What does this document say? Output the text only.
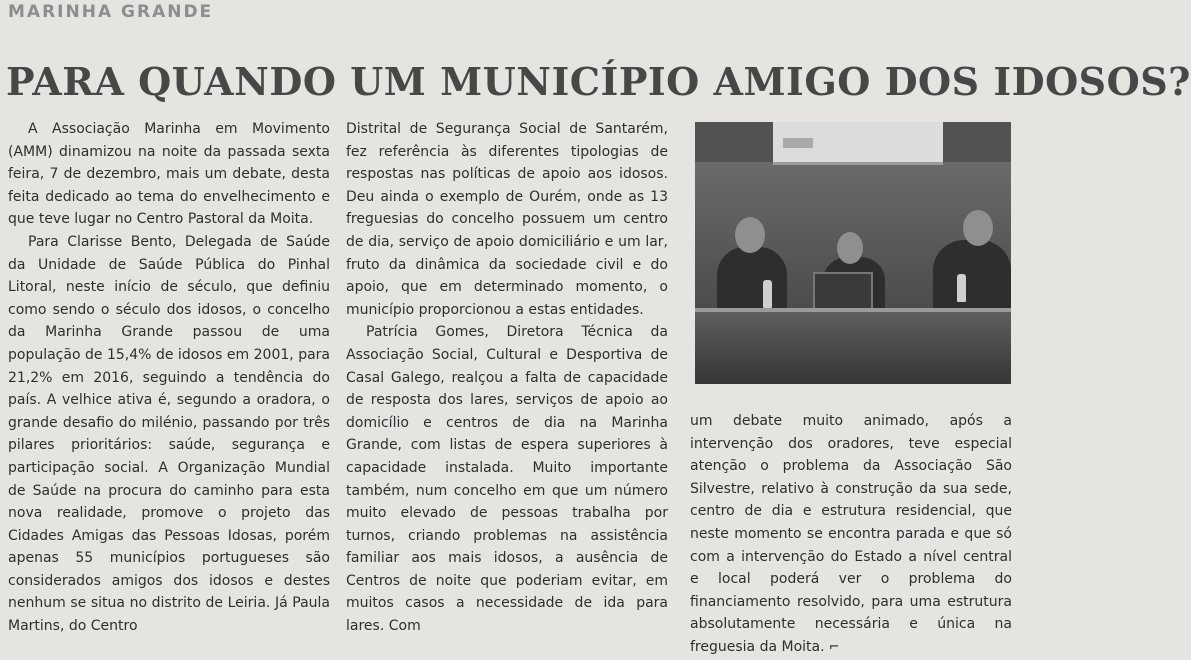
MARINHA GRANDE
PARA QUANDO UM MUNICÍPIO AMIGO DOS IDOSOS?

A Associação Marinha em Movimento (AMM) dinamizou na noite da passada sexta feira, 7 de dezembro, mais um debate, desta feita dedicado ao tema do envelhecimento e que teve lugar no Centro Pastoral da Moita.

Para Clarisse Bento, Delegada de Saúde da Unidade de Saúde Pública do Pinhal Litoral, neste início de século, que definiu como sendo o século dos idosos, o concelho da Marinha Grande passou de uma população de 15,4% de idosos em 2001, para 21,2% em 2016, seguindo a tendência do país. A velhice ativa é, segundo a oradora, o grande desafio do milénio, passando por três pilares prioritários: saúde, segurança e participação social. A Organização Mundial de Saúde na procura do caminho para esta nova realidade, promove o projeto das Cidades Amigas das Pessoas Idosas, porém apenas 55 municípios portugueses são considerados amigos dos idosos e destes nenhum se situa no distrito de Leiria. Já Paula Martins, do Centro

Distrital de Segurança Social de Santarém, fez referência às diferentes tipologias de respostas nas políticas de apoio aos idosos. Deu ainda o exemplo de Ourém, onde as 13 freguesias do concelho possuem um centro de dia, serviço de apoio domiciliário e um lar, fruto da dinâmica da sociedade civil e do apoio, que em determinado momento, o município proporcionou a estas entidades.

Patrícia Gomes, Diretora Técnica da Associação Social, Cultural e Desportiva de Casal Galego, realçou a falta de capacidade de resposta dos lares, serviços de apoio ao domicílio e centros de dia na Marinha Grande, com listas de espera superiores à capacidade instalada. Muito importante também, num concelho em que um número muito elevado de pessoas trabalha por turnos, criando problemas na assistência familiar aos mais idosos, a ausência de Centros de noite que poderiam evitar, em muitos casos a necessidade de ida para lares. Com

um debate muito animado, após a intervenção dos oradores, teve especial atenção o problema da Associação São Silvestre, relativo à construção da sua sede, centro de dia e estrutura residencial, que neste momento se encontra parada e que só com a intervenção do Estado a nível central e local poderá ver o problema do financiamento resolvido, para uma estrutura absolutamente necessária e única na freguesia da Moita. ⌐
